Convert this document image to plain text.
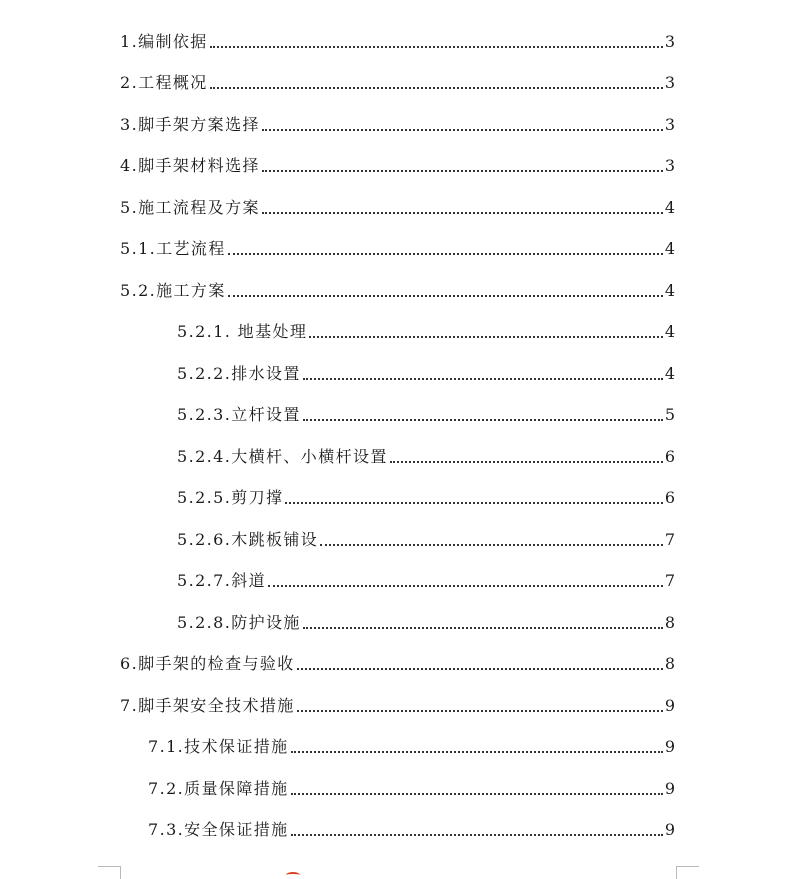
1.编制依据	3
2.工程概况	3
3.脚手架方案选择	3
4.脚手架材料选择	3
5.施工流程及方案	4
5.1.工艺流程	4
5.2.施工方案	4
5.2.1. 地基处理	4
5.2.2.排水设置	4
5.2.3.立杆设置	5
5.2.4.大横杆、小横杆设置	6
5.2.5.剪刀撑	6
5.2.6.木跳板铺设	7
5.2.7.斜道	7
5.2.8.防护设施	8
6.脚手架的检查与验收	8
7.脚手架安全技术措施	9
7.1.技术保证措施	9
7.2.质量保障措施	9
7.3.安全保证措施	9
